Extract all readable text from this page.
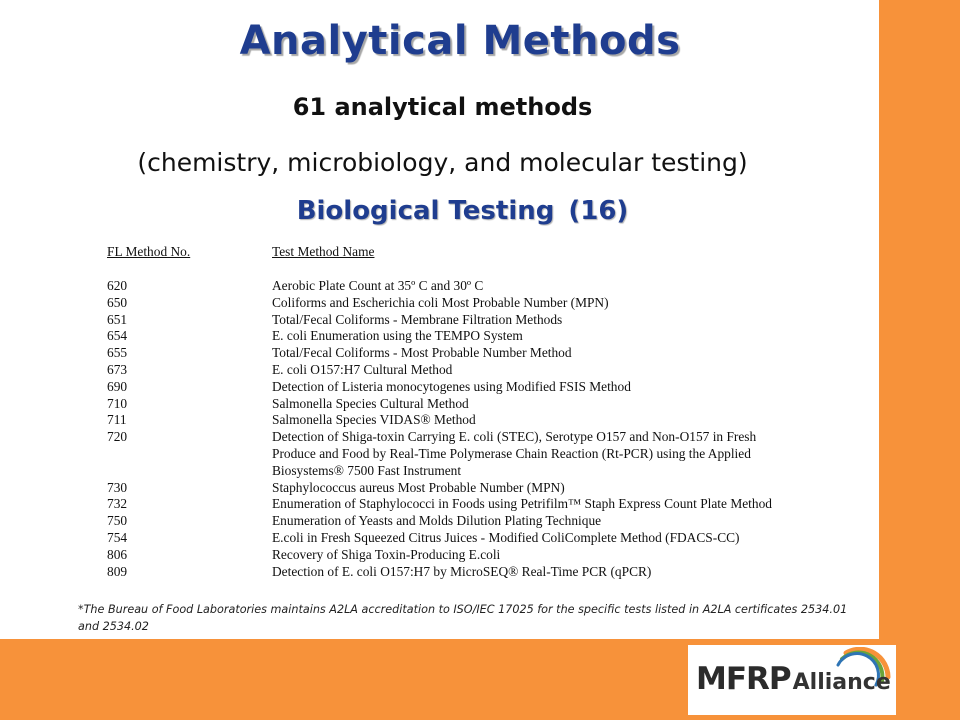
Analytical Methods
61 analytical methods
(chemistry, microbiology, and molecular testing)
Biological Testing (16)
FL Method No.	Test Method Name
620	Aerobic Plate Count at 35º C and 30º C
650	Coliforms and Escherichia coli Most Probable Number (MPN)
651	Total/Fecal Coliforms - Membrane Filtration Methods
654	E. coli Enumeration using the TEMPO System
655	Total/Fecal Coliforms - Most Probable Number Method
673	E. coli O157:H7 Cultural Method
690	Detection of Listeria monocytogenes using Modified FSIS Method
710	Salmonella Species Cultural Method
711	Salmonella Species VIDAS® Method
720	Detection of Shiga-toxin Carrying E. coli (STEC), Serotype O157 and Non-O157 in Fresh
Produce and Food by Real-Time Polymerase Chain Reaction (Rt-PCR) using the Applied
Biosystems® 7500 Fast Instrument
730	Staphylococcus aureus Most Probable Number (MPN)
732	Enumeration of Staphylococci in Foods using Petrifilm™ Staph Express Count Plate Method
750	Enumeration of Yeasts and Molds Dilution Plating Technique
754	E.coli in Fresh Squeezed Citrus Juices - Modified ColiComplete Method (FDACS-CC)
806	Recovery of Shiga Toxin-Producing E.coli
809	Detection of E. coli O157:H7 by MicroSEQ® Real-Time PCR (qPCR)

*The Bureau of Food Laboratories maintains A2LA accreditation to ISO/IEC 17025 for the specific tests listed in A2LA certificates 2534.01 and 2534.02

MFRPAlliance
